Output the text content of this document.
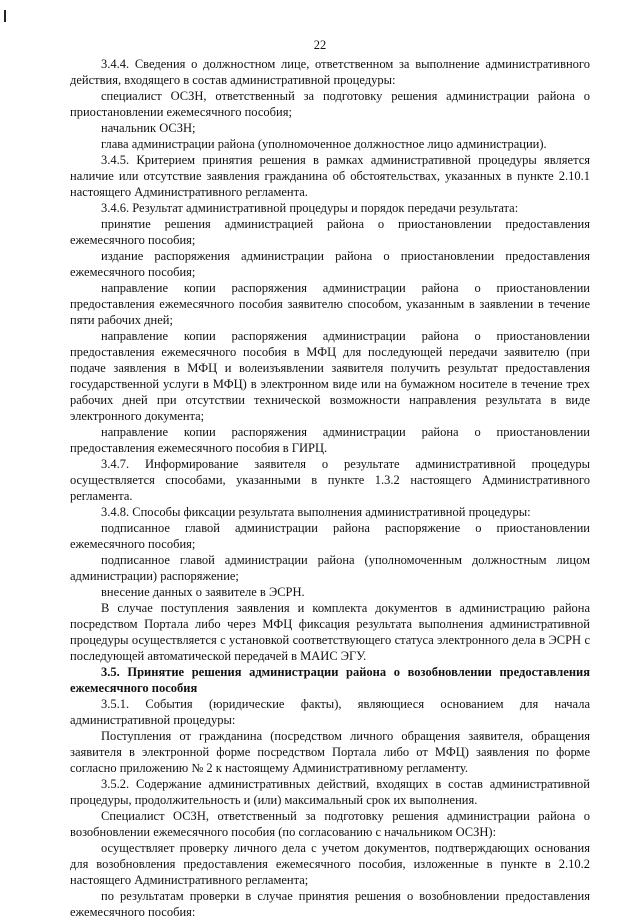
22

3.4.4. Сведения о должностном лице, ответственном за выполнение административного действия, входящего в состав административной процедуры:

специалист ОСЗН, ответственный за подготовку решения администрации района о приостановлении ежемесячного пособия;

начальник ОСЗН;

глава администрации района (уполномоченное должностное лицо администрации).

3.4.5. Критерием принятия решения в рамках административной процедуры является наличие или отсутствие заявления гражданина об обстоятельствах, указанных в пункте 2.10.1 настоящего Административного регламента.

3.4.6. Результат административной процедуры и порядок передачи результата:

принятие решения администрацией района о приостановлении предоставления ежемесячного пособия;

издание распоряжения администрации района о приостановлении предоставления ежемесячного пособия;

направление копии распоряжения администрации района о приостановлении предоставления ежемесячного пособия заявителю способом, указанным в заявлении в течение пяти рабочих дней;

направление копии распоряжения администрации района о приостановлении предоставления ежемесячного пособия в МФЦ для последующей передачи заявителю (при подаче заявления в МФЦ и волеизъявлении заявителя получить результат предоставления государственной услуги в МФЦ) в электронном виде или на бумажном носителе в течение трех рабочих дней при отсутствии технической возможности направления результата в виде электронного документа;

направление копии распоряжения администрации района о приостановлении предоставления ежемесячного пособия в ГИРЦ.

3.4.7. Информирование заявителя о результате административной процедуры осуществляется способами, указанными в пункте 1.3.2 настоящего Административного регламента.

3.4.8. Способы фиксации результата выполнения административной процедуры:

подписанное главой администрации района распоряжение о приостановлении ежемесячного пособия;

подписанное главой администрации района (уполномоченным должностным лицом администрации) распоряжение;

внесение данных о заявителе в ЭСРН.

В случае поступления заявления и комплекта документов в администрацию района посредством Портала либо через МФЦ фиксация результата выполнения административной процедуры осуществляется с установкой соответствующего статуса электронного дела в ЭСРН с последующей автоматической передачей в МАИС ЭГУ.

3.5. Принятие решения администрации района о возобновлении предоставления ежемесячного пособия

3.5.1. События (юридические факты), являющиеся основанием для начала административной процедуры:

Поступления от гражданина (посредством личного обращения заявителя, обращения заявителя в электронной форме посредством Портала либо от МФЦ) заявления по форме согласно приложению № 2 к настоящему Административному регламенту.

3.5.2. Содержание административных действий, входящих в состав административной процедуры, продолжительность и (или) максимальный срок их выполнения.

Специалист ОСЗН, ответственный за подготовку решения администрации района о возобновлении ежемесячного пособия (по согласованию с начальником ОСЗН):

осуществляет проверку личного дела с учетом документов, подтверждающих основания для возобновления предоставления ежемесячного пособия, изложенные в пункте в 2.10.2 настоящего Административного регламента;

по результатам проверки в случае принятия решения о возобновлении предоставления ежемесячного пособия:
